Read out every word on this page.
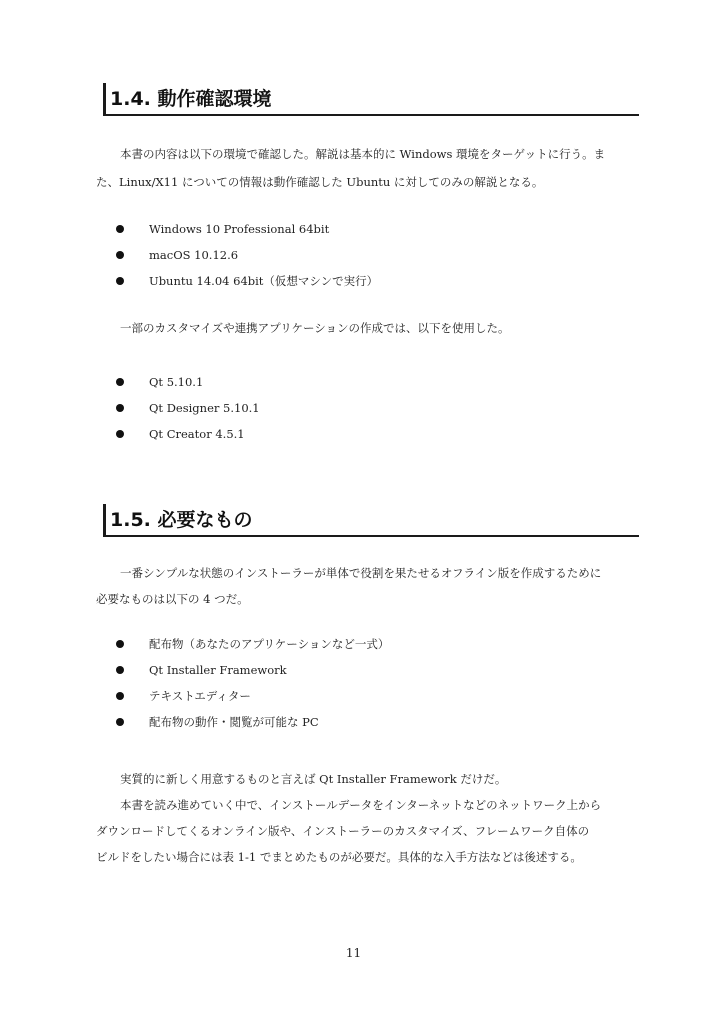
1.4. 動作確認環境
本書の内容は以下の環境で確認した。解説は基本的に Windows 環境をターゲットに行う。ま
た、Linux/X11 についての情報は動作確認した Ubuntu に対してのみの解説となる。
Windows 10 Professional 64bit
macOS 10.12.6
Ubuntu 14.04 64bit（仮想マシンで実行）
一部のカスタマイズや連携アプリケーションの作成では、以下を使用した。
Qt 5.10.1
Qt Designer 5.10.1
Qt Creator 4.5.1
1.5. 必要なもの
一番シンプルな状態のインストーラーが単体で役割を果たせるオフライン版を作成するために
必要なものは以下の 4 つだ。
配布物（あなたのアプリケーションなど一式）
Qt Installer Framework
テキストエディター
配布物の動作・閲覧が可能な PC
実質的に新しく用意するものと言えば Qt Installer Framework だけだ。
本書を読み進めていく中で、インストールデータをインターネットなどのネットワーク上から
ダウンロードしてくるオンライン版や、インストーラーのカスタマイズ、フレームワーク自体の
ビルドをしたい場合には表 1-1 でまとめたものが必要だ。具体的な入手方法などは後述する。
11
